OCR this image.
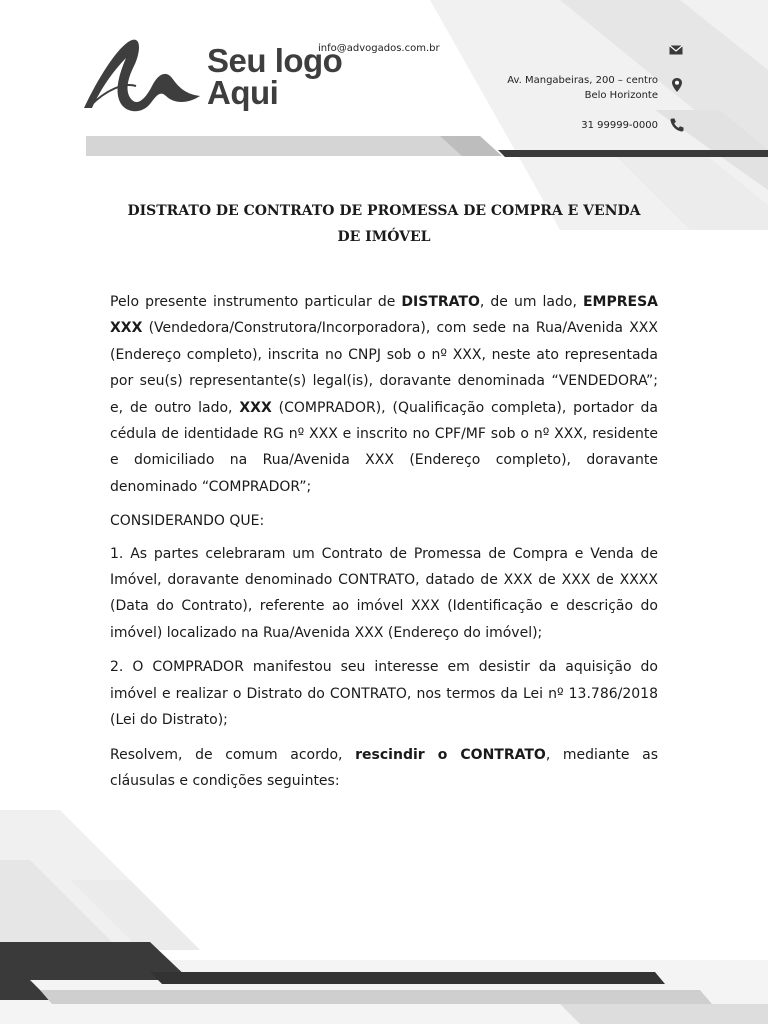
Seu logo
Aqui
info@advogados.com.br
Av. Mangabeiras, 200 – centro
Belo Horizonte
31 99999-0000
DISTRATO DE CONTRATO DE PROMESSA DE COMPRA E VENDA
DE IMÓVEL

Pelo presente instrumento particular de DISTRATO, de um lado, EMPRESA XXX (Vendedora/Construtora/Incorporadora), com sede na Rua/Avenida XXX (Endereço completo), inscrita no CNPJ sob o nº XXX, neste ato representada por seu(s) representante(s) legal(is), doravante denominada “VENDEDORA”; e, de outro lado, XXX (COMPRADOR), (Qualificação completa), portador da cédula de identidade RG nº XXX e inscrito no CPF/MF sob o nº XXX, residente e domiciliado na Rua/Avenida XXX (Endereço completo), doravante denominado “COMPRADOR”;

CONSIDERANDO QUE:

1. As partes celebraram um Contrato de Promessa de Compra e Venda de Imóvel, doravante denominado CONTRATO, datado de XXX de XXX de XXXX (Data do Contrato), referente ao imóvel XXX (Identificação e descrição do imóvel) localizado na Rua/Avenida XXX (Endereço do imóvel);

2. O COMPRADOR manifestou seu interesse em desistir da aquisição do imóvel e realizar o Distrato do CONTRATO, nos termos da Lei nº 13.786/2018 (Lei do Distrato);

Resolvem, de comum acordo, rescindir o CONTRATO, mediante as cláusulas e condições seguintes:
